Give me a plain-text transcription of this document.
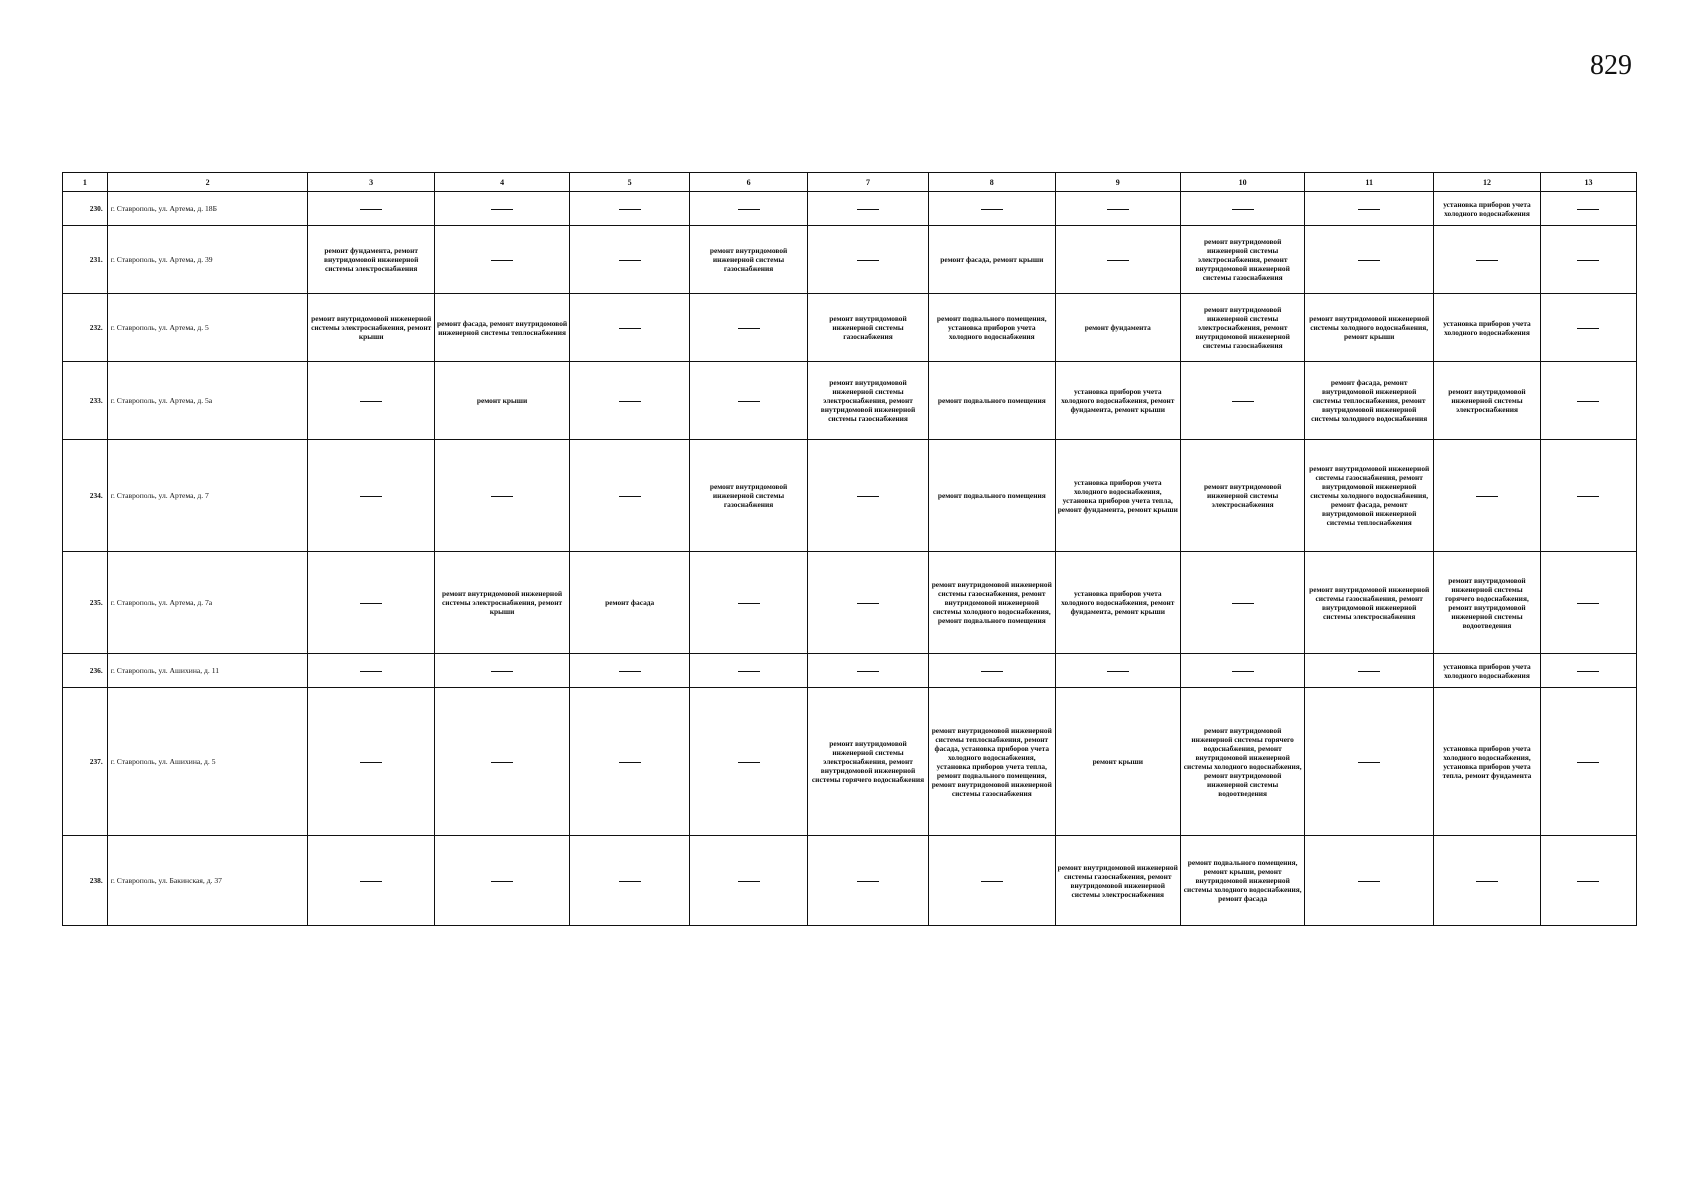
829
1	2	3	4	5	6	7	8	9	10	11	12	13
230.	г. Ставрополь, ул. Артема, д. 18Б										установка приборов учета холодного водоснабжения	
231.	г. Ставрополь, ул. Артема, д. 39	ремонт фундамента, ремонт внутридомовой инженерной системы электроснабжения			ремонт внутридомовой инженерной системы газоснабжения		ремонт фасада, ремонт крыши		ремонт внутридомовой инженерной системы электроснабжения, ремонт внутридомовой инженерной системы газоснабжения			
232.	г. Ставрополь, ул. Артема, д. 5	ремонт внутридомовой инженерной системы электроснабжения, ремонт крыши	ремонт фасада, ремонт внутридомовой инженерной системы теплоснабжения			ремонт внутридомовой инженерной системы газоснабжения	ремонт подвального помещения, установка приборов учета холодного водоснабжения	ремонт фундамента	ремонт внутридомовой инженерной системы электроснабжения, ремонт внутридомовой инженерной системы газоснабжения	ремонт внутридомовой инженерной системы холодного водоснабжения, ремонт крыши	установка приборов учета холодного водоснабжения	
233.	г. Ставрополь, ул. Артема, д. 5а		ремонт крыши			ремонт внутридомовой инженерной системы электроснабжения, ремонт внутридомовой инженерной системы газоснабжения	ремонт подвального помещения	установка приборов учета холодного водоснабжения, ремонт фундамента, ремонт крыши		ремонт фасада, ремонт внутридомовой инженерной системы теплоснабжения, ремонт внутридомовой инженерной системы холодного водоснабжения	ремонт внутридомовой инженерной системы электроснабжения	
234.	г. Ставрополь, ул. Артема, д. 7				ремонт внутридомовой инженерной системы газоснабжения		ремонт подвального помещения	установка приборов учета холодного водоснабжения, установка приборов учета тепла, ремонт фундамента, ремонт крыши	ремонт внутридомовой инженерной системы электроснабжения	ремонт внутридомовой инженерной системы газоснабжения, ремонт внутридомовой инженерной системы холодного водоснабжения, ремонт фасада, ремонт внутридомовой инженерной системы теплоснабжения		
235.	г. Ставрополь, ул. Артема, д. 7а		ремонт внутридомовой инженерной системы электроснабжения, ремонт крыши	ремонт фасада			ремонт внутридомовой инженерной системы газоснабжения, ремонт внутридомовой инженерной системы холодного водоснабжения, ремонт подвального помещения	установка приборов учета холодного водоснабжения, ремонт фундамента, ремонт крыши		ремонт внутридомовой инженерной системы газоснабжения, ремонт внутридомовой инженерной системы электроснабжения	ремонт внутридомовой инженерной системы горячего водоснабжения, ремонт внутридомовой инженерной системы водоотведения	
236.	г. Ставрополь, ул. Ашихина, д. 11										установка приборов учета холодного водоснабжения	
237.	г. Ставрополь, ул. Ашихина, д. 5					ремонт внутридомовой инженерной системы электроснабжения, ремонт внутридомовой инженерной системы горячего водоснабжения	ремонт внутридомовой инженерной системы теплоснабжения, ремонт фасада, установка приборов учета холодного водоснабжения, установка приборов учета тепла, ремонт подвального помещения, ремонт внутридомовой инженерной системы газоснабжения	ремонт крыши	ремонт внутридомовой инженерной системы горячего водоснабжения, ремонт внутридомовой инженерной системы холодного водоснабжения, ремонт внутридомовой инженерной системы водоотведения		установка приборов учета холодного водоснабжения, установка приборов учета тепла, ремонт фундамента	
238.	г. Ставрополь, ул. Бакинская, д. 37							ремонт внутридомовой инженерной системы газоснабжения, ремонт внутридомовой инженерной системы электроснабжения	ремонт подвального помещения, ремонт крыши, ремонт внутридомовой инженерной системы холодного водоснабжения, ремонт фасада			
